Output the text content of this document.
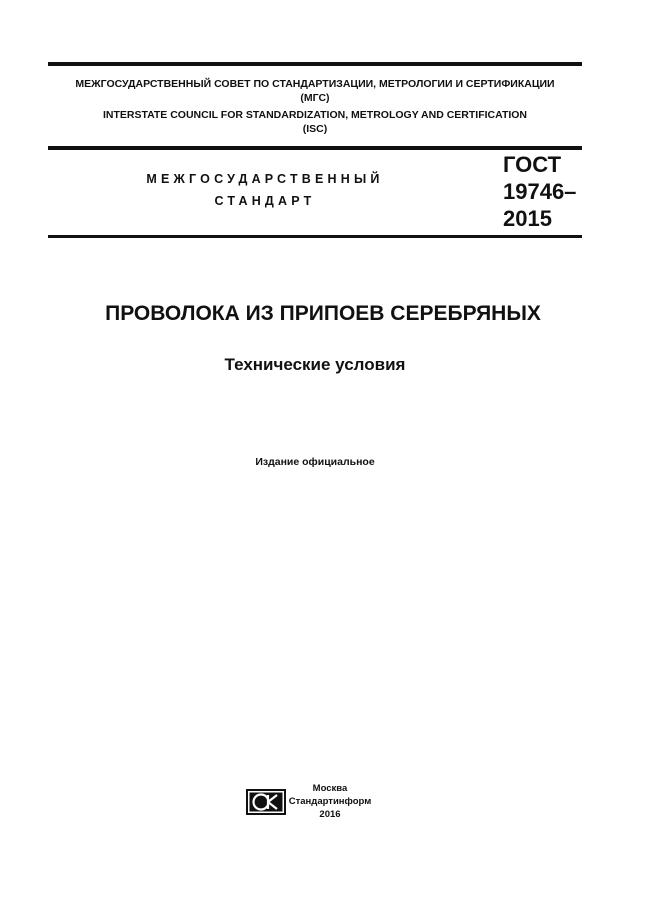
МЕЖГОСУДАРСТВЕННЫЙ СОВЕТ ПО СТАНДАРТИЗАЦИИ, МЕТРОЛОГИИ И СЕРТИФИКАЦИИ
(МГС)
INTERSTATE COUNCIL FOR STANDARDIZATION, METROLOGY AND CERTIFICATION
(ISC)
МЕЖГОСУДАРСТВЕННЫЙ
СТАНДАРТ
ГОСТ
19746–
2015
ПРОВОЛОКА ИЗ ПРИПОЕВ СЕРЕБРЯНЫХ
Технические условия
Издание официальное
Москва
Стандартинформ
2016
